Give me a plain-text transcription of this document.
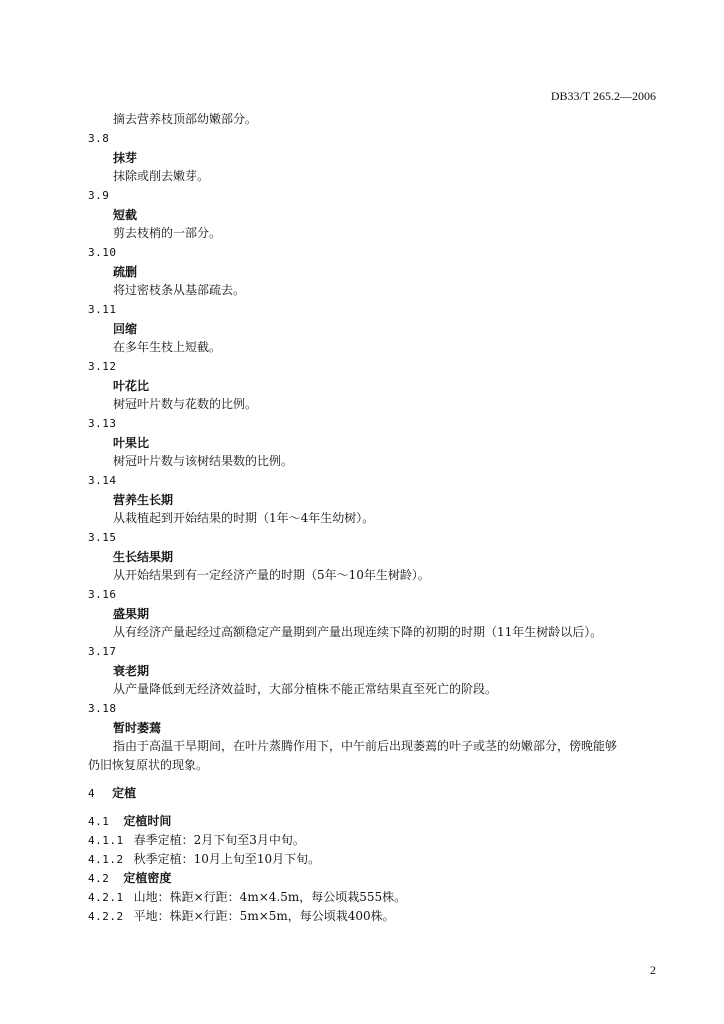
DB33/T 265.2—2006
摘去营养枝顶部幼嫩部分。
3.8
抹芽
抹除或削去嫩芽。
3.9
短截
剪去枝梢的一部分。
3.10
疏删
将过密枝条从基部疏去。
3.11
回缩
在多年生枝上短截。
3.12
叶花比
树冠叶片数与花数的比例。
3.13
叶果比
树冠叶片数与该树结果数的比例。
3.14
营养生长期
从栽植起到开始结果的时期（1年～4年生幼树）。
3.15
生长结果期
从开始结果到有一定经济产量的时期（5年～10年生树龄）。
3.16
盛果期
从有经济产量起经过高额稳定产量期到产量出现连续下降的初期的时期（11年生树龄以后）。
3.17
衰老期
从产量降低到无经济效益时，大部分植株不能正常结果直至死亡的阶段。
3.18
暂时萎蔫
指由于高温干旱期间，在叶片蒸腾作用下，中午前后出现萎蔫的叶子或茎的幼嫩部分，傍晚能够
仍旧恢复原状的现象。
4 定植
4.1 定植时间
4.1.1 春季定植：2月下旬至3月中旬。
4.1.2 秋季定植：10月上旬至10月下旬。
4.2 定植密度
4.2.1 山地：株距×行距：4m×4.5m，每公顷栽555株。
4.2.2 平地：株距×行距：5m×5m，每公顷栽400株。
2
